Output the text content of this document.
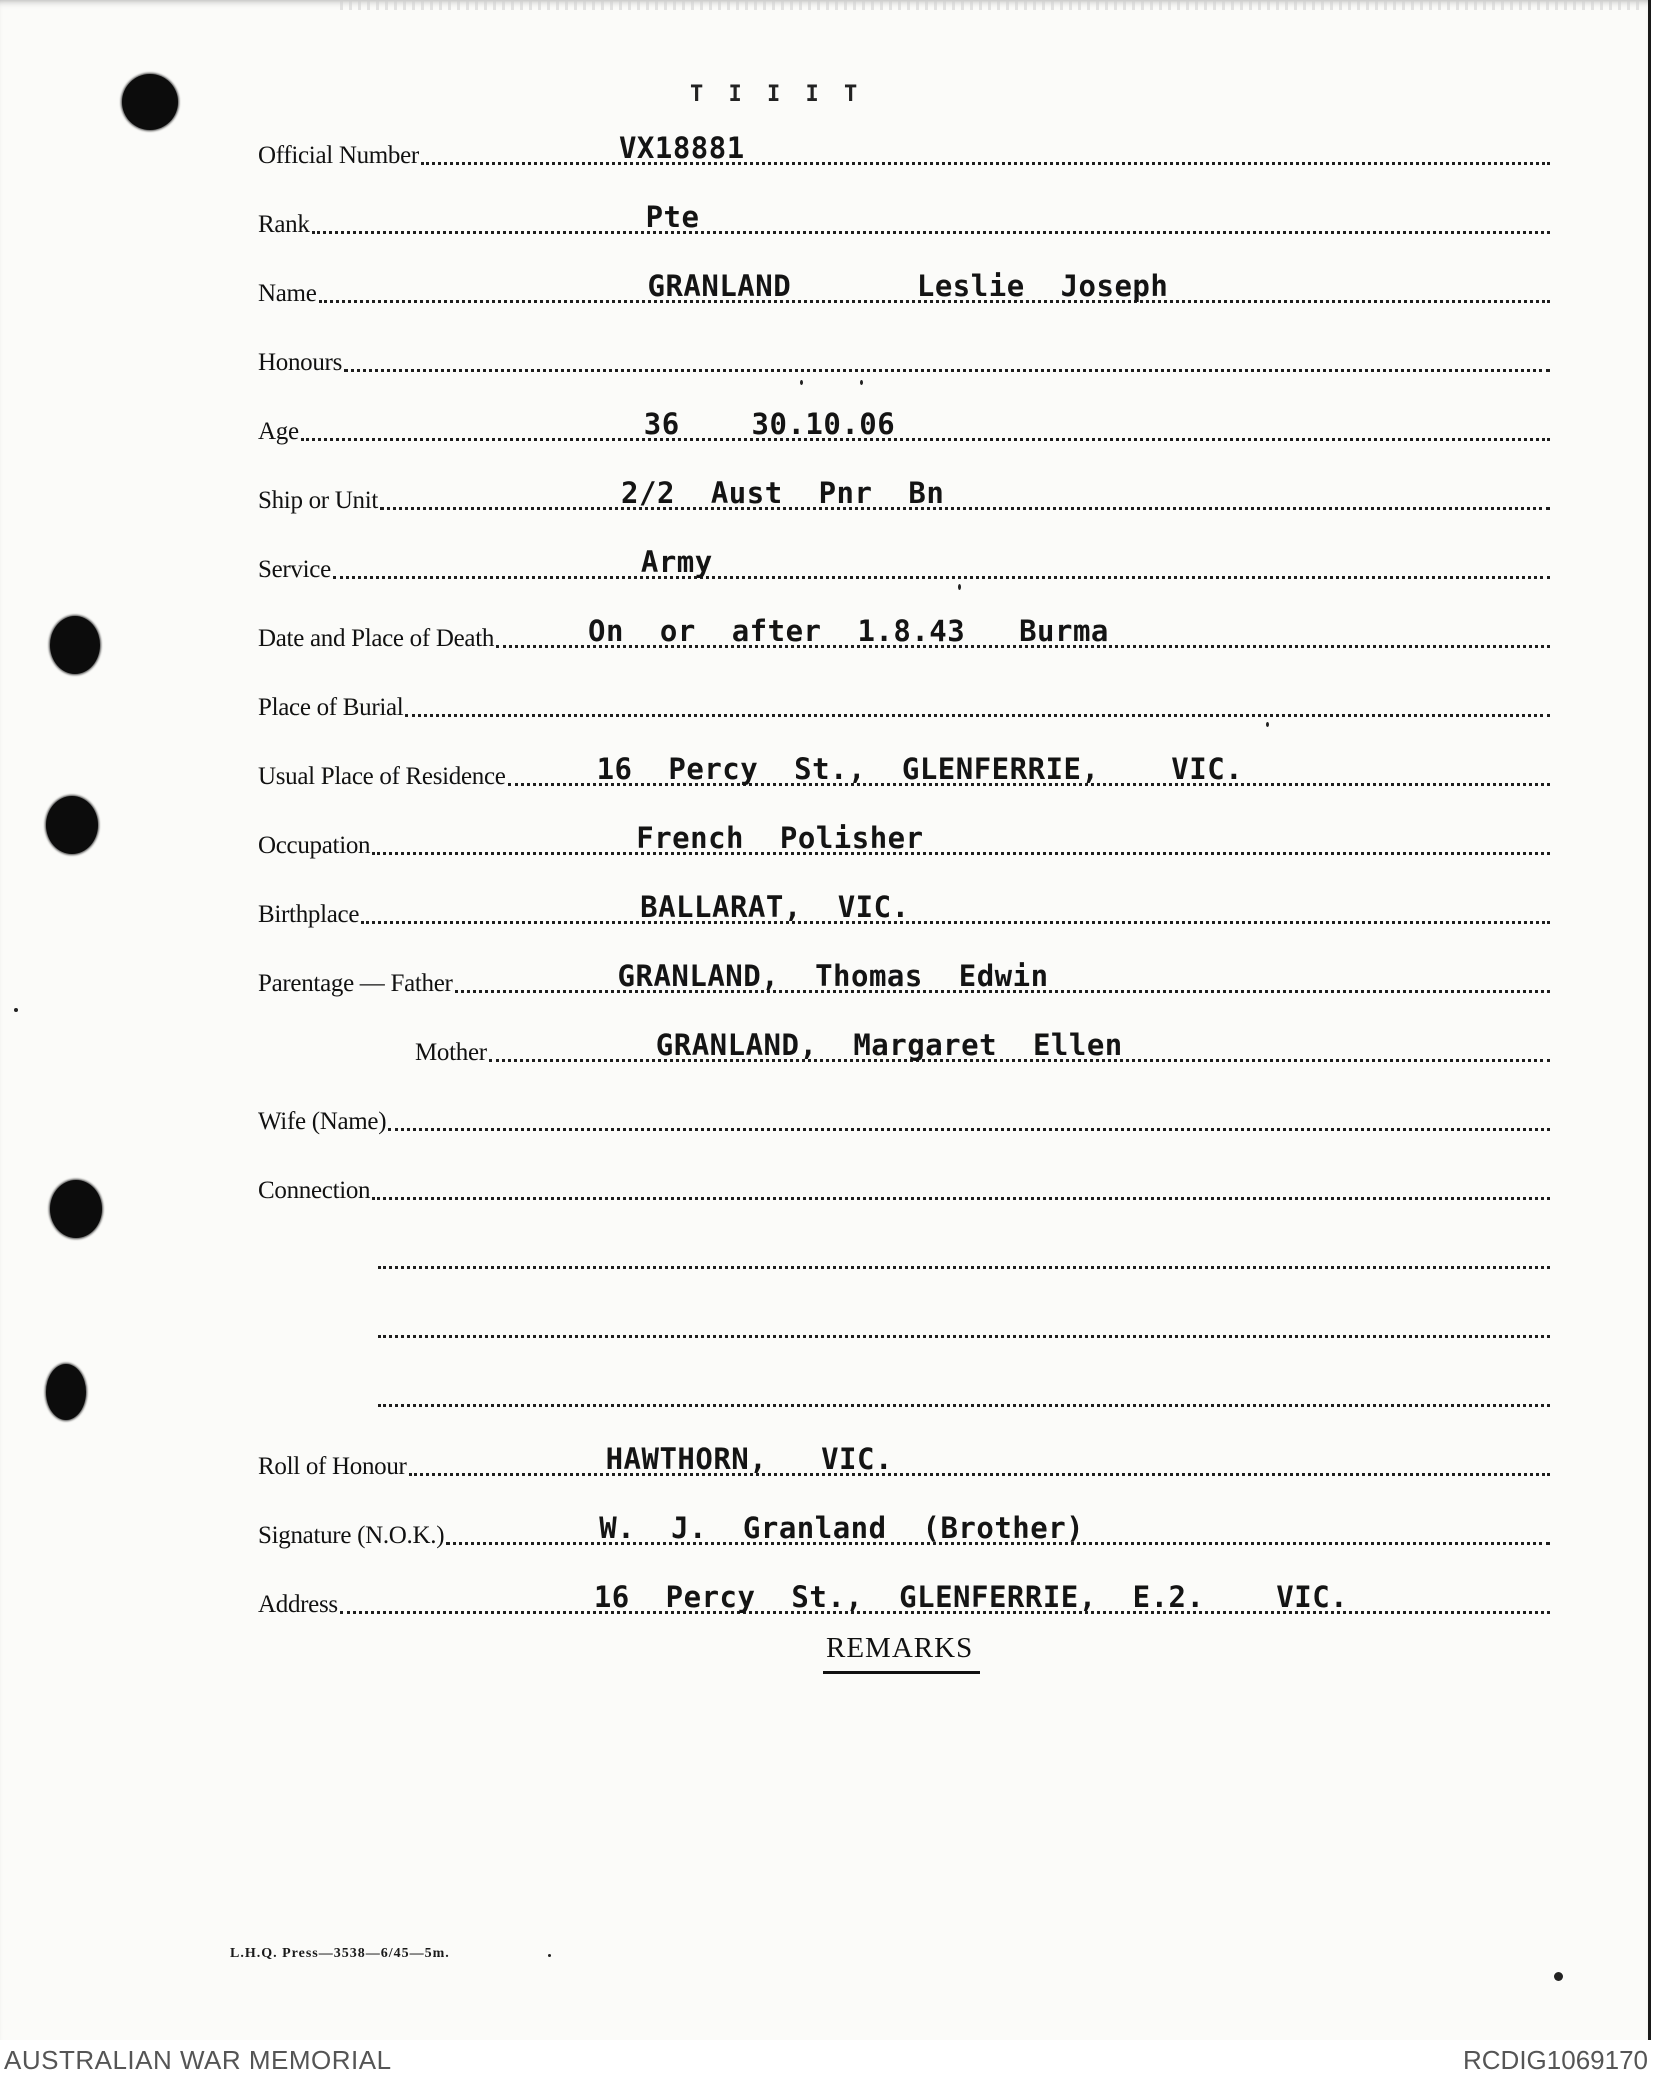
T I I I T
Official Number	VX18881
Rank	Pte
Name	GRANLAND       Leslie  Joseph
Honours
Age	36    30.10.06
Ship or Unit	2/2  Aust  Pnr  Bn
Service	Army
Date and Place of Death	On  or  after  1.8.43   Burma
Place of Burial
Usual Place of Residence	16  Percy  St.,  GLENFERRIE,    VIC.
Occupation	French  Polisher
Birthplace	BALLARAT,  VIC.
Parentage — Father	GRANLAND,  Thomas  Edwin
Mother	GRANLAND,  Margaret  Ellen
Wife (Name)
Connection
Roll of Honour	HAWTHORN,   VIC.
Signature (N.O.K.)	W.  J.  Granland  (Brother)
Address	16  Percy  St.,  GLENFERRIE,  E.2.    VIC.
REMARKS
L.H.Q. Press—3538—6/45—5m.
AUSTRALIAN WAR MEMORIAL	RCDIG1069170
